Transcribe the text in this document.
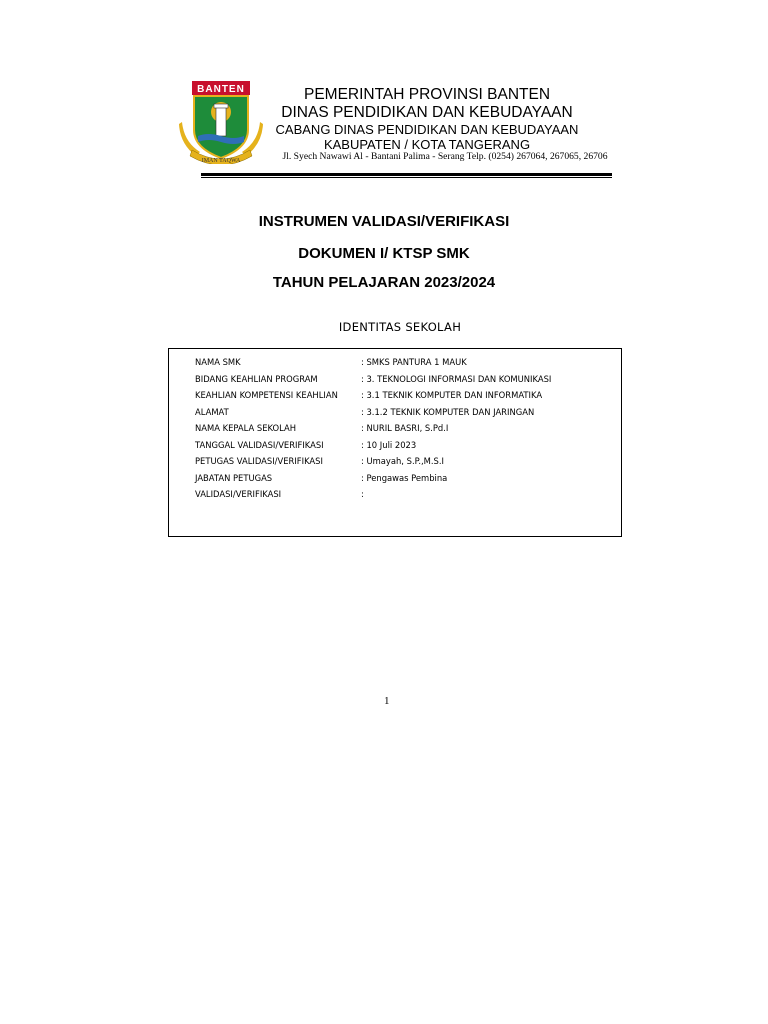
BANTEN
IMAN TAQWA
PEMERINTAH PROVINSI BANTEN
DINAS PENDIDIKAN DAN KEBUDAYAAN
CABANG DINAS PENDIDIKAN DAN KEBUDAYAAN
KABUPATEN / KOTA TANGERANG
Jl. Syech Nawawi Al - Bantani Palima - Serang Telp. (0254) 267064, 267065, 26706
INSTRUMEN VALIDASI/VERIFIKASI
DOKUMEN I/ KTSP SMK
TAHUN PELAJARAN 2023/2024
IDENTITAS SEKOLAH
NAMA SMK	: SMKS PANTURA 1 MAUK
BIDANG KEAHLIAN PROGRAM	: 3. TEKNOLOGI INFORMASI DAN KOMUNIKASI
KEAHLIAN KOMPETENSI KEAHLIAN	: 3.1 TEKNIK KOMPUTER DAN INFORMATIKA
ALAMAT	: 3.1.2 TEKNIK KOMPUTER DAN JARINGAN
NAMA KEPALA SEKOLAH	: NURIL BASRI, S.Pd.I
TANGGAL VALIDASI/VERIFIKASI	: 10 Juli 2023
PETUGAS VALIDASI/VERIFIKASI	: Umayah, S.P.,M.S.I
JABATAN PETUGAS	: Pengawas Pembina
VALIDASI/VERIFIKASI	:
1
